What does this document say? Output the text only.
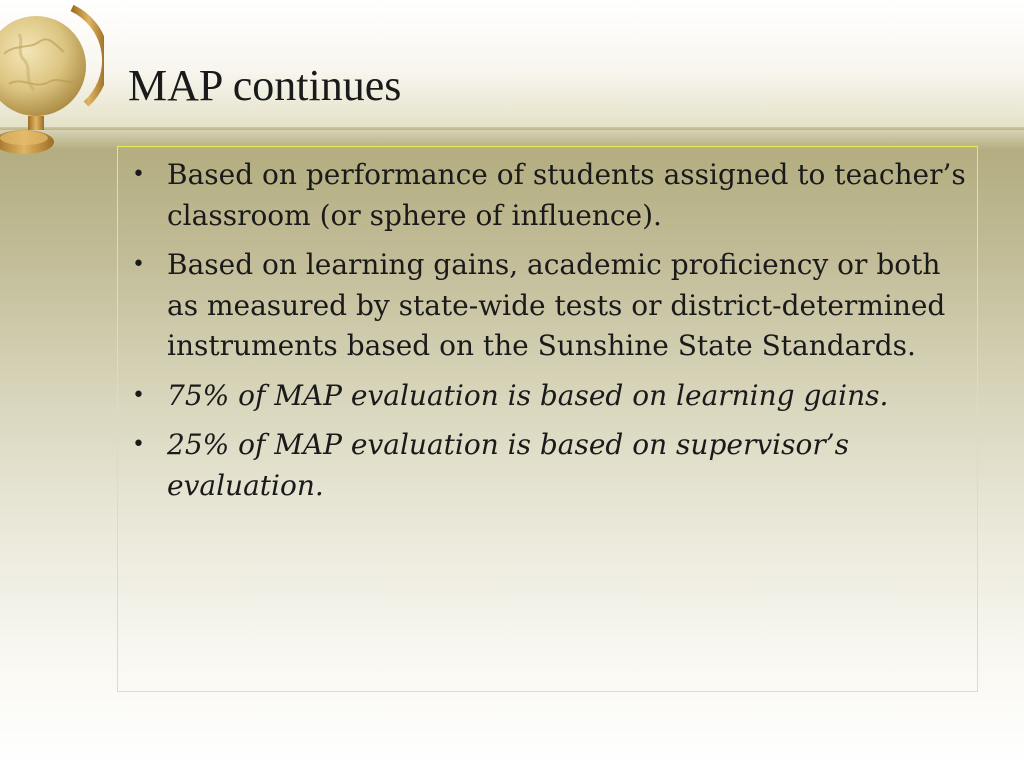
MAP continues
• Based on performance of students assigned to teacher’s classroom (or sphere of influence).
• Based on learning gains, academic proficiency or both as measured by state-wide tests or district-determined instruments based on the Sunshine State Standards.
• 75% of MAP evaluation is based on learning gains.
• 25% of MAP evaluation is based on supervisor’s evaluation.
